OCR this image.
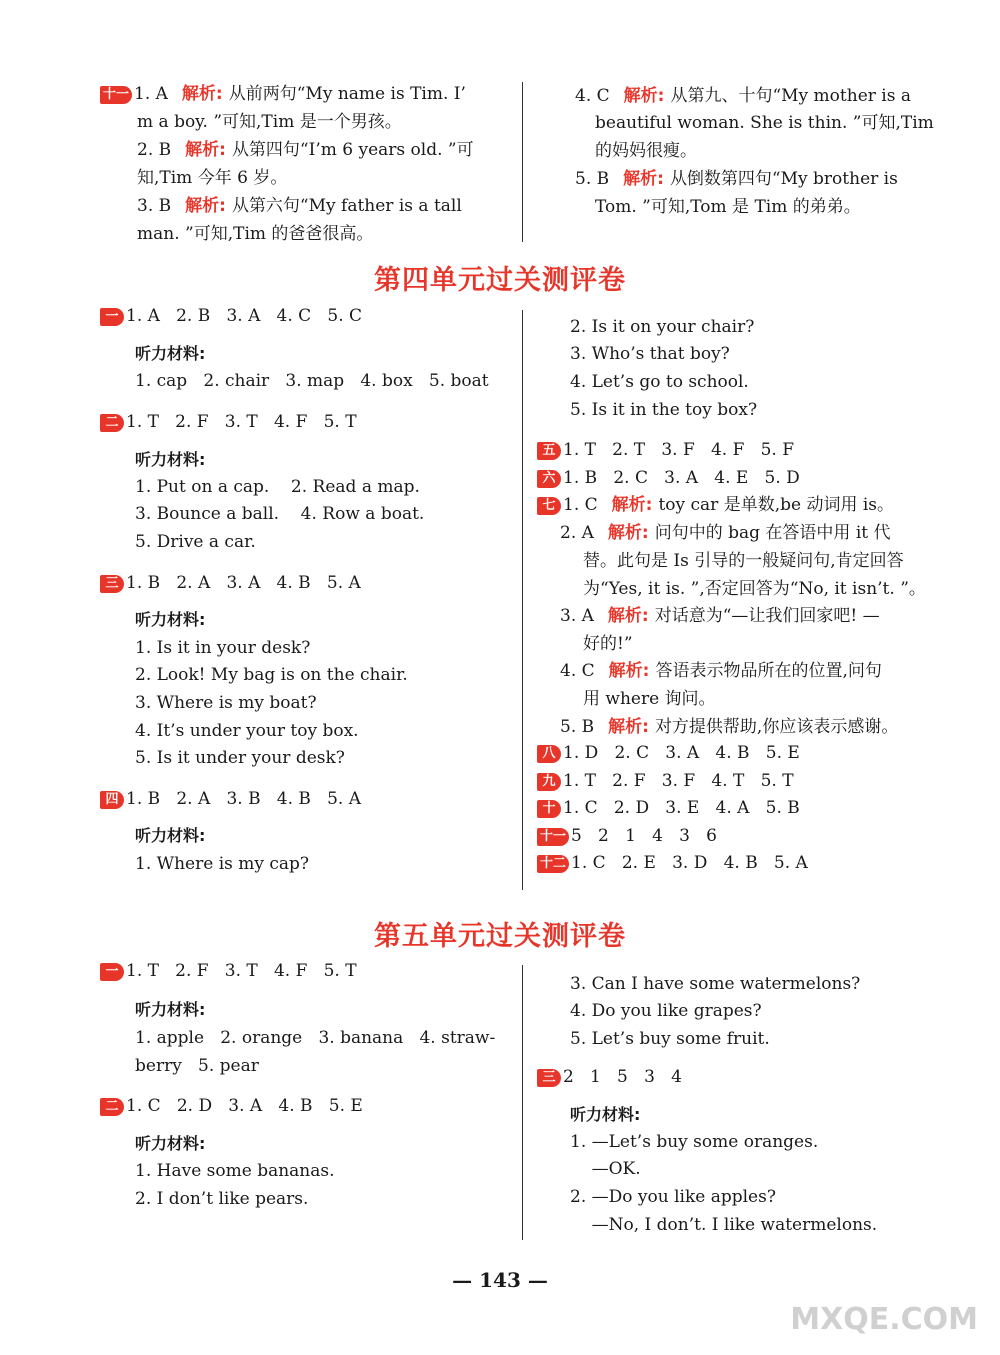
十一 1. A 解析: 从前两句“My name is Tim. I’
m a boy. ”可知,Tim 是一个男孩。
2. B 解析: 从第四句“I’m 6 years old. ”可
知,Tim 今年 6 岁。
3. B 解析: 从第六句“My father is a tall
man. ”可知,Tim 的爸爸很高。
4. C 解析: 从第九、十句“My mother is a
beautiful woman. She is thin. ”可知,Tim
的妈妈很瘦。
5. B 解析: 从倒数第四句“My brother is
Tom. ”可知,Tom 是 Tim 的弟弟。
第四单元过关测评卷
一 1. A   2. B   3. A   4. C   5. C
听力材料:
1. cap   2. chair   3. map   4. box   5. boat
二 1. T   2. F   3. T   4. F   5. T
听力材料:
1. Put on a cap.    2. Read a map.
3. Bounce a ball.    4. Row a boat.
5. Drive a car.
三 1. B   2. A   3. A   4. B   5. A
听力材料:
1. Is it in your desk?
2. Look! My bag is on the chair.
3. Where is my boat?
4. It’s under your toy box.
5. Is it under your desk?
四 1. B   2. A   3. B   4. B   5. A
听力材料:
1. Where is my cap?
2. Is it on your chair?
3. Who’s that boy?
4. Let’s go to school.
5. Is it in the toy box?
五 1. T   2. T   3. F   4. F   5. F
六 1. B   2. C   3. A   4. E   5. D
七 1. C 解析: toy car 是单数,be 动词用 is。
2. A 解析: 问句中的 bag 在答语中用 it 代
替。此句是 Is 引导的一般疑问句,肯定回答
为“Yes, it is. ”,否定回答为“No, it isn’t. ”。
3. A 解析: 对话意为“—让我们回家吧! —
好的!”
4. C 解析: 答语表示物品所在的位置,问句
用 where 询问。
5. B 解析: 对方提供帮助,你应该表示感谢。
八 1. D   2. C   3. A   4. B   5. E
九 1. T   2. F   3. F   4. T   5. T
十 1. C   2. D   3. E   4. A   5. B
十一 5   2   1   4   3   6
十二 1. C   2. E   3. D   4. B   5. A
第五单元过关测评卷
一 1. T   2. F   3. T   4. F   5. T
听力材料:
1. apple   2. orange   3. banana   4. straw-
berry   5. pear
二 1. C   2. D   3. A   4. B   5. E
听力材料:
1. Have some bananas.
2. I don’t like pears.
3. Can I have some watermelons?
4. Do you like grapes?
5. Let’s buy some fruit.
三 2   1   5   3   4
听力材料:
1. —Let’s buy some oranges.
—OK.
2. —Do you like apples?
—No, I don’t. I like watermelons.
— 143 —
MXQE.COM
